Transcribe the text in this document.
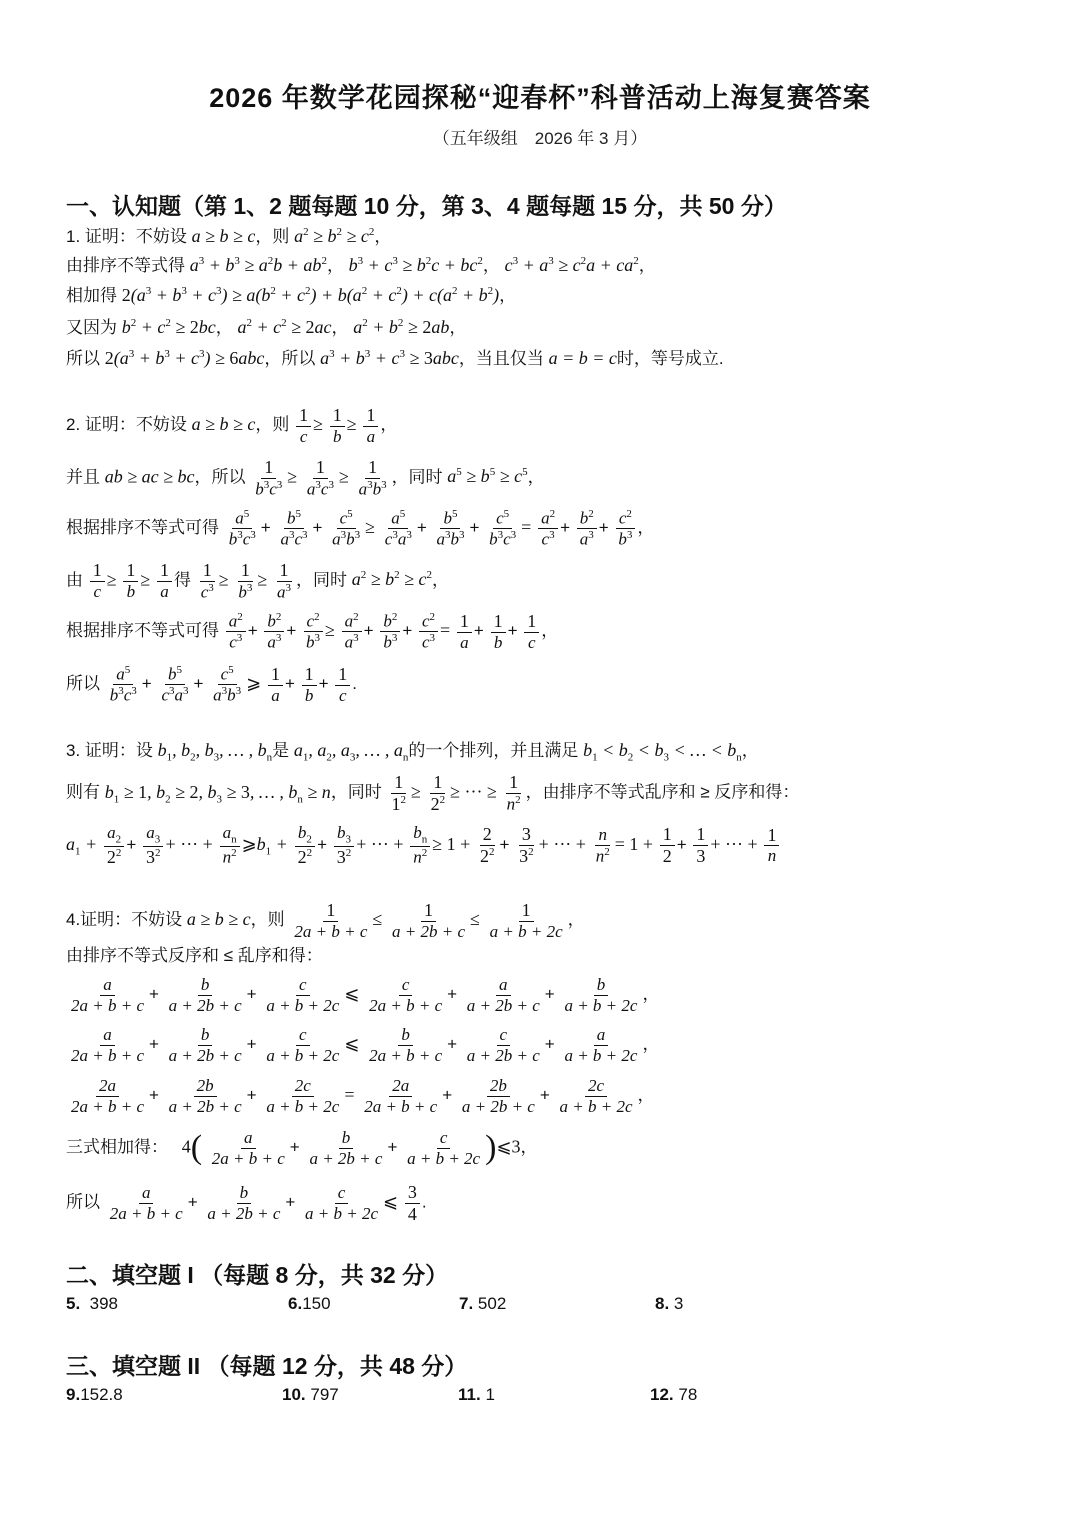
2026 年数学花园探秘“迎春杯”科普活动上海复赛答案
（五年级组　2026 年 3 月）
一、认知题（第 1、2 题每题 10 分，第 3、4 题每题 15 分，共 50 分）
1. 证明：不妨设 a ≥ b ≥ c，则 $a^2 \ge b^2 \ge c^2$，
由排序不等式得 $a^3 + b^3 \ge a^2b + ab^2$， $b^3 + c^3 \ge b^2c + bc^2$， $c^3 + a^3 \ge c^2a + ca^2$，
相加得 $2(a^3 + b^3 + c^3) \ge a(b^2 + c^2) + b(a^2 + c^2) + c(a^2 + b^2)$，
又因为 $b^2 + c^2 \ge 2bc$， $a^2 + c^2 \ge 2ac$， $a^2 + b^2 \ge 2ab$，
所以 $2(a^3 + b^3 + c^3) \ge 6abc$，所以 $a^3 + b^3 + c^3 \ge 3abc$，当且仅当 a = b = c时，等号成立.
2. 证明：不妨设 a ≥ b ≥ c，则 $\frac{1}{c} \ge \frac{1}{b} \ge \frac{1}{a}$ ，
并且 ab ≥ ac ≥ bc，所以 $\frac{1}{b^3c^3} \ge \frac{1}{a^3c^3} \ge \frac{1}{a^3b^3}$ ，同时 $a^5 \ge b^5 \ge c^5$，
根据排序不等式可得 $\frac{a^5}{b^3c^3} + \frac{b^5}{a^3c^3} + \frac{c^5}{a^3b^3} \ge \frac{a^5}{c^3a^3} + \frac{b^5}{a^3b^3} + \frac{c^5}{b^3c^3} = \frac{a^2}{c^3} + \frac{b^2}{a^3} + \frac{c^2}{b^3}$ ，
由 $\frac{1}{c} \ge \frac{1}{b} \ge \frac{1}{a}$ 得 $\frac{1}{c^3} \ge \frac{1}{b^3} \ge \frac{1}{a^3}$ ，同时 $a^2 \ge b^2 \ge c^2$，
根据排序不等式可得 $\frac{a^2}{c^3} + \frac{b^2}{a^3} + \frac{c^2}{b^3} \ge \frac{a^2}{a^3} + \frac{b^2}{b^3} + \frac{c^2}{c^3} = \frac{1}{a} + \frac{1}{b} + \frac{1}{c}$ ，
所以 $\frac{a^5}{b^3c^3} + \frac{b^5}{c^3a^3} + \frac{c^5}{a^3b^3}$ ⩾ $\frac{1}{a} + \frac{1}{b} + \frac{1}{c}$ .
3. 证明：设 $b_1$, $b_2$, $b_3$, … , $b_n$是 $a_1$, $a_2$, $a_3$, … , $a_n$的一个排列，并且满足 $b_1 < b_2 < b_3$ < … < $b_n$，
则有 $b_1 \ge 1$, $b_2 \ge 2$, $b_3 \ge 3$, … , $b_n \ge n$，同时 $\frac{1}{1^2} \ge \frac{1}{2^2}$ ≥ ··· ≥ $\frac{1}{n^2}$ ，由排序不等式乱序和 ≥ 反序和得：
$a_1 + \frac{a_2}{2^2} + \frac{a_3}{3^2}$ + ··· + $\frac{a_n}{n^2}$ $⩾b_1 + \frac{b_2}{2^2} + \frac{b_3}{3^2}$ + ··· + $\frac{b_n}{n^2} \ge 1 + \frac{2}{2^2} + \frac{3}{3^2}$ + ··· + $\frac{n}{n^2} = 1 + \frac{1}{2} + \frac{1}{3}$ + ··· + $\frac{1}{n}$
4.证明：不妨设 a ≥ b ≥ c，则 $\frac{1}{2a + b + c} \le \frac{1}{a + 2b + c} \le \frac{1}{a + b + 2c}$ ，
由排序不等式反序和 ≤ 乱序和得：
$\frac{a}{2a + b + c} + \frac{b}{a + 2b + c} + \frac{c}{a + b + 2c}$ ⩽ $\frac{c}{2a + b + c} + \frac{a}{a + 2b + c} + \frac{b}{a + b + 2c}$ ，
$\frac{a}{2a + b + c} + \frac{b}{a + 2b + c} + \frac{c}{a + b + 2c}$ ⩽ $\frac{b}{2a + b + c} + \frac{c}{a + 2b + c} + \frac{a}{a + b + 2c}$ ，
$\frac{2a}{2a + b + c} + \frac{2b}{a + 2b + c} + \frac{2c}{a + b + 2c} = \frac{2a}{2a + b + c} + \frac{2b}{a + 2b + c} + \frac{2c}{a + b + 2c}$ ，
三式相加得：   $4( \frac{a}{2a + b + c} + \frac{b}{a + 2b + c} + \frac{c}{a + b + 2c}$ )⩽3，
所以 $\frac{a}{2a + b + c} + \frac{b}{a + 2b + c} + \frac{c}{a + b + 2c}$ ⩽ $\frac{3}{4}$ .
二、填空题 I （每题 8 分，共 32 分）
5. 398	6.150	7. 502	8. 3
三、填空题 II （每题 12 分，共 48 分）
9.152.8	10. 797	11. 1	12. 78
